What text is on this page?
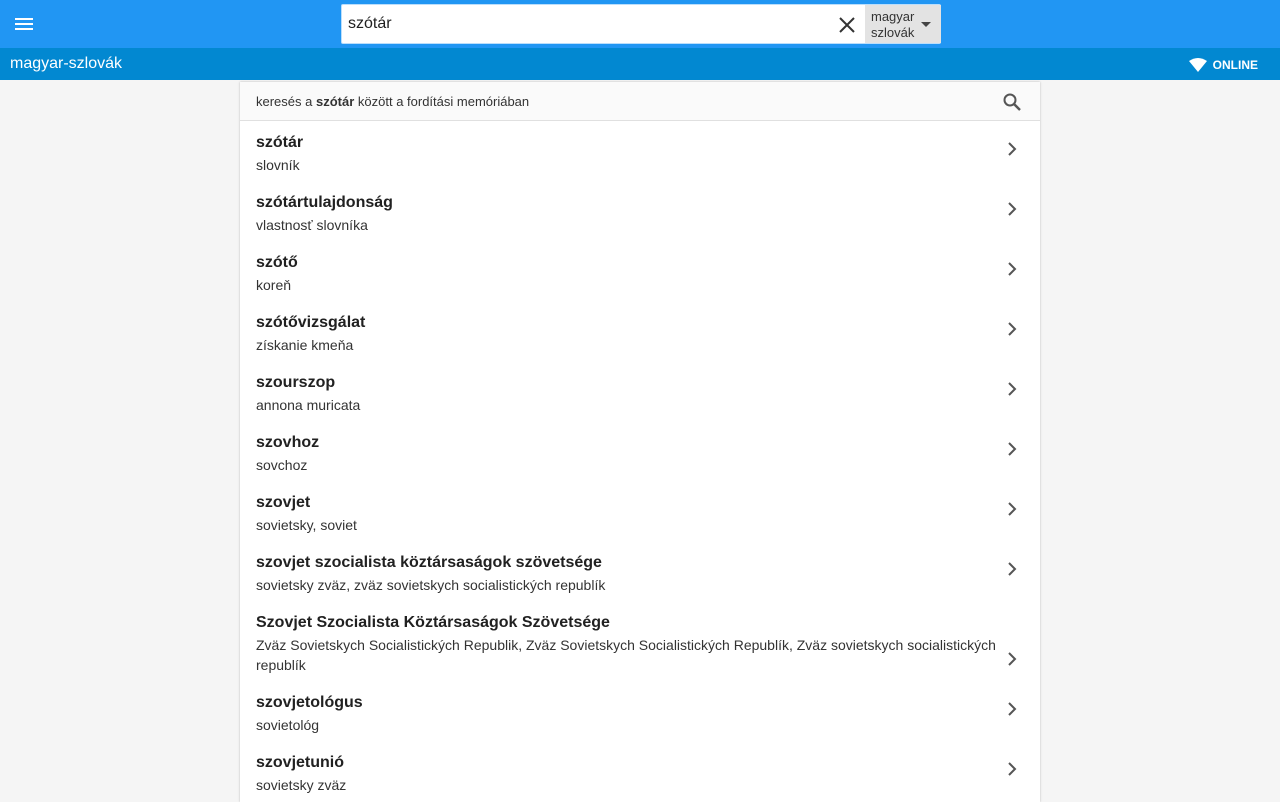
szótár
magyar
szlovák
magyar-szlovák	ONLINE
keresés a szótár között a fordítási memóriában
szótár
slovník
szótártulajdonság
vlastnosť slovníka
szótő
koreň
szótővizsgálat
získanie kmeňa
szourszop
annona muricata
szovhoz
sovchoz
szovjet
sovietsky, soviet
szovjet szocialista köztársaságok szövetsége
sovietsky zväz, zväz sovietskych socialistických republík
Szovjet Szocialista Köztársaságok Szövetsége
Zväz Sovietskych Socialistických Republik, Zväz Sovietskych Socialistických Republík, Zväz sovietskych socialistických republík
szovjetológus
sovietológ
szovjetunió
sovietsky zväz
